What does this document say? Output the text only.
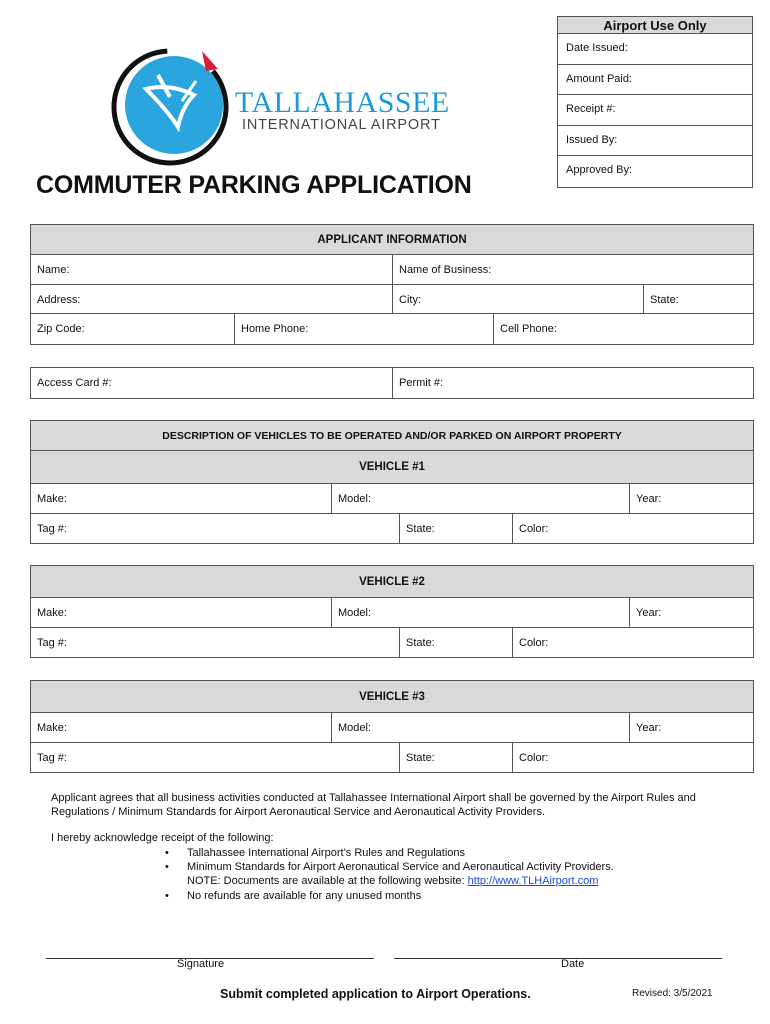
Airport Use Only
Date Issued:
Amount Paid:
Receipt #:
Issued By:
Approved By:
TALLAHASSEE
INTERNATIONAL AIRPORT
COMMUTER PARKING APPLICATION
APPLICANT INFORMATION
Name:	Name of Business:
Address:	City:	State:
Zip Code:	Home Phone:	Cell Phone:
Access Card #:	Permit #:
DESCRIPTION OF VEHICLES TO BE OPERATED AND/OR PARKED ON AIRPORT PROPERTY
VEHICLE #1
Make:	Model:	Year:
Tag #:	State:	Color:
VEHICLE #2
Make:	Model:	Year:
Tag #:	State:	Color:
VEHICLE #3
Make:	Model:	Year:
Tag #:	State:	Color:
Applicant agrees that all business activities conducted at Tallahassee International Airport shall be governed by the Airport Rules and Regulations / Minimum Standards for Airport Aeronautical Service and Aeronautical Activity Providers.
I hereby acknowledge receipt of the following:
• Tallahassee International Airport’s Rules and Regulations
• Minimum Standards for Airport Aeronautical Service and Aeronautical Activity Providers.
NOTE: Documents are available at the following website: http://www.TLHAirport.com
• No refunds are available for any unused months
Signature	Date
Submit completed application to Airport Operations.	Revised: 3/5/2021
